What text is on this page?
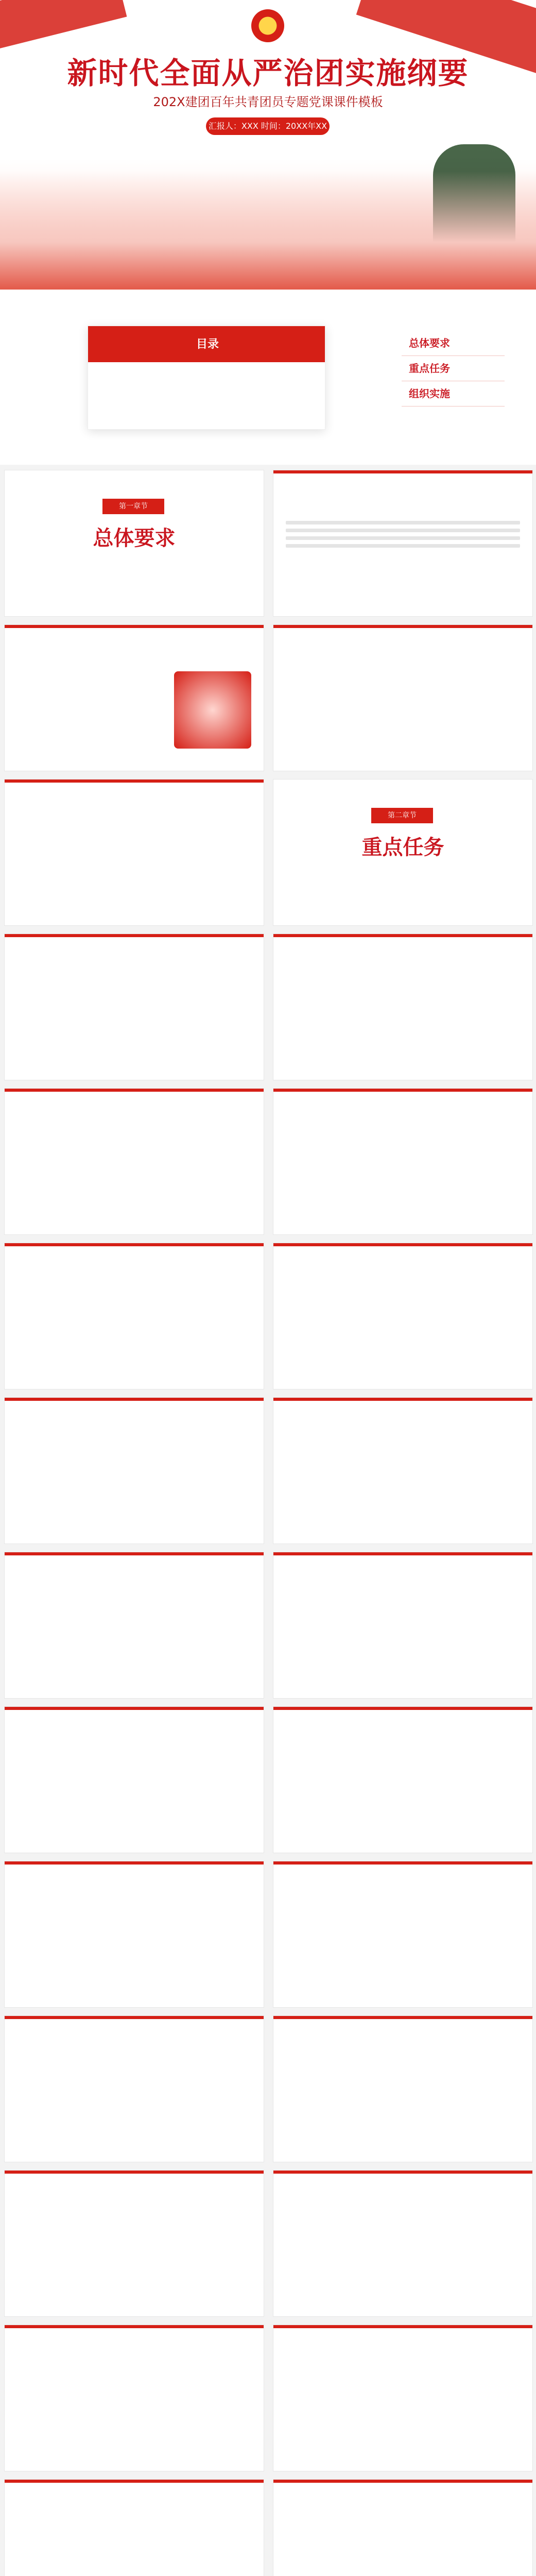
新时代全面从严治团实施纲要
202X建团百年共青团员专题党课课件模板
汇报人：XXX 时间：20XX年XX月
目录	总体要求
重点任务
组织实施
第一章节
总体要求
第二章节
重点任务
